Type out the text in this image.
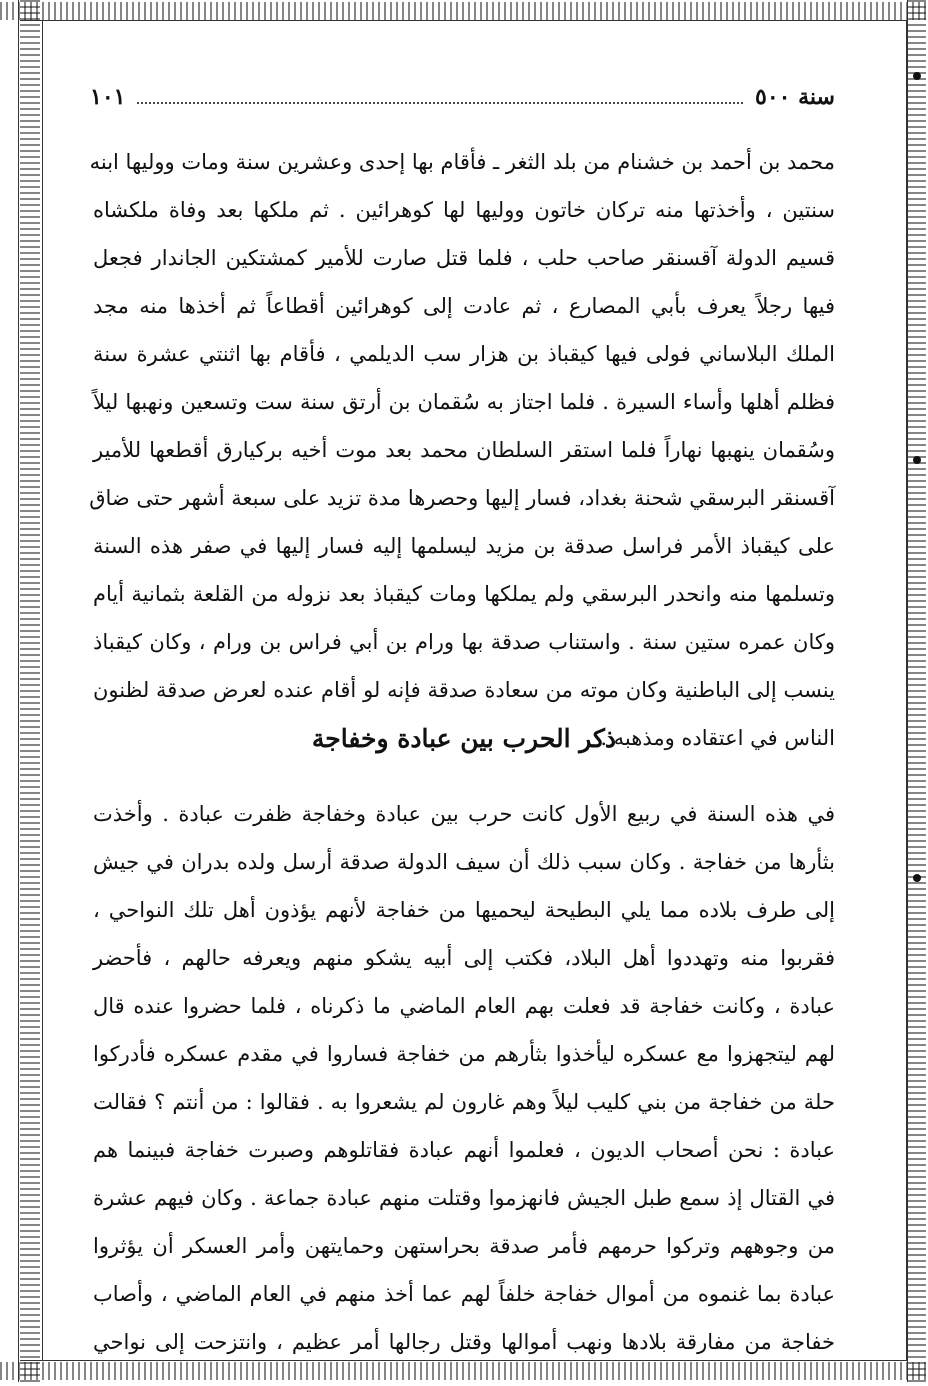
سنة ٥٠٠
١٠١
محمد بن أحمد بن خشنام من بلد الثغر ـ فأقام بها إحدى وعشرين سنة ومات ووليها ابنه
سنتين ، وأخذتها منه تركان خاتون ووليها لها كوهرائين . ثم ملكها بعد وفاة ملكشاه
قسيم الدولة آقسنقر صاحب حلب ، فلما قتل صارت للأمير كمشتكين الجاندار فجعل
فيها رجلاً يعرف بأبي المصارع ، ثم عادت إلى كوهرائين أقطاعاً ثم أخذها منه مجد
الملك البلاساني فولى فيها كيقباذ بن هزار سب الديلمي ، فأقام بها اثنتي عشرة سنة
فظلم أهلها وأساء السيرة . فلما اجتاز به سُقمان بن أرتق سنة ست وتسعين ونهبها ليلاً
وسُقمان ينهبها نهاراً فلما استقر السلطان محمد بعد موت أخيه بركيارق أقطعها للأمير
آقسنقر البرسقي شحنة بغداد، فسار إليها وحصرها مدة تزيد على سبعة أشهر حتى ضاق
على كيقباذ الأمر فراسل صدقة بن مزيد ليسلمها إليه فسار إليها في صفر هذه السنة
وتسلمها منه وانحدر البرسقي ولم يملكها ومات كيقباذ بعد نزوله من القلعة بثمانية أيام
وكان عمره ستين سنة . واستناب صدقة بها ورام بن أبي فراس بن ورام ، وكان كيقباذ
ينسب إلى الباطنية وكان موته من سعادة صدقة فإنه لو أقام عنده لعرض صدقة لظنون
الناس في اعتقاده ومذهبه .
ذكر الحرب بين عبادة وخفاجة
في هذه السنة في ربيع الأول كانت حرب بين عبادة وخفاجة ظفرت عبادة . وأخذت
بثأرها من خفاجة . وكان سبب ذلك أن سيف الدولة صدقة أرسل ولده بدران في جيش
إلى طرف بلاده مما يلي البطيحة ليحميها من خفاجة لأنهم يؤذون أهل تلك النواحي ،
فقربوا منه وتهددوا أهل البلاد، فكتب إلى أبيه يشكو منهم ويعرفه حالهم ، فأحضر
عبادة ، وكانت خفاجة قد فعلت بهم العام الماضي ما ذكرناه ، فلما حضروا عنده قال
لهم ليتجهزوا مع عسكره ليأخذوا بثأرهم من خفاجة فساروا في مقدم عسكره فأدركوا
حلة من خفاجة من بني كليب ليلاً وهم غارون لم يشعروا به . فقالوا : من أنتم ؟ فقالت
عبادة : نحن أصحاب الديون ، فعلموا أنهم عبادة فقاتلوهم وصبرت خفاجة فبينما هم
في القتال إذ سمع طبل الجيش فانهزموا وقتلت منهم عبادة جماعة . وكان فيهم عشرة
من وجوههم وتركوا حرمهم فأمر صدقة بحراستهن وحمايتهن وأمر العسكر أن يؤثروا
عبادة بما غنموه من أموال خفاجة خلفاً لهم عما أخذ منهم في العام الماضي ، وأصاب
خفاجة من مفارقة بلادها ونهب أموالها وقتل رجالها أمر عظيم ، وانتزحت إلى نواحي
